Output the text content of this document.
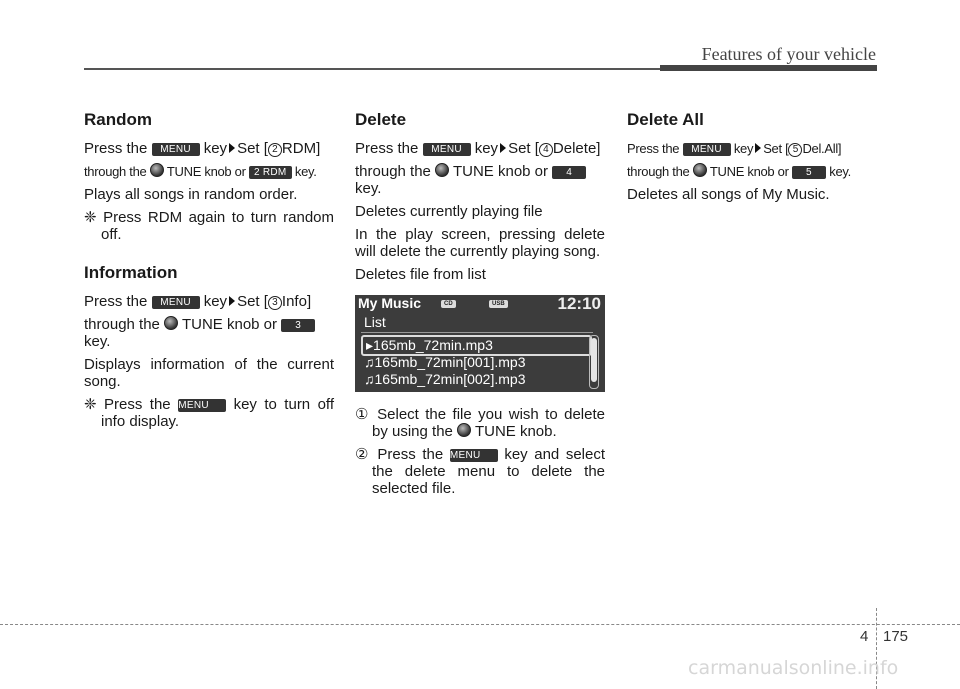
Features of your vehicle
Random

Press the MENU key Set [ 2 RDM]

through the TUNE knob or 2 RDM key.

Plays all songs in random order.

❈ Press RDM again to turn random off.

Information

Press the MENU key Set [ 3 Info]

through the TUNE knob or 3

key.

Displays information of the current song.

❈ Press the MENU key to turn off info display.

Delete

Press the MENU key Set [ 4 Delete]

through the TUNE knob or 4

key.

Deletes currently playing file

In the play screen, pressing delete will delete the currently playing song.

Deletes file from list

My Music	CD	USB	12:10
List
▸165mb_72min.mp3
♫165mb_72min[001].mp3
♫165mb_72min[002].mp3

① Select the file you wish to delete by using the TUNE knob.

② Press the MENU key and select the delete menu to delete the selected file.

Delete All

Press the MENU key Set [ 5 Del.All]

through the TUNE knob or 5 key.

Deletes all songs of My Music.

4 175
carmanualsonline.info
